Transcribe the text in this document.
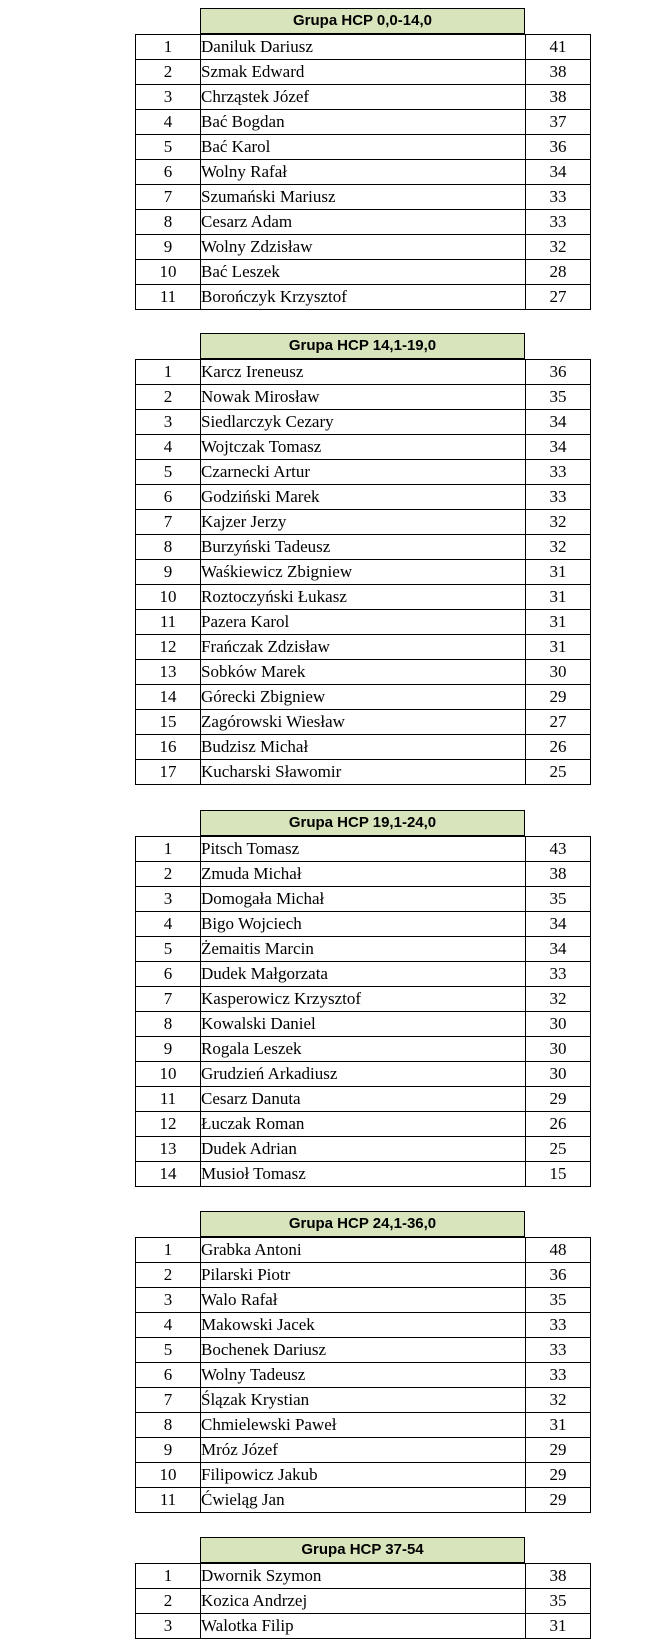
Grupa HCP 0,0-14,0
1	Daniluk Dariusz	41
2	Szmak Edward	38
3	Chrząstek Józef	38
4	Bać Bogdan	37
5	Bać Karol	36
6	Wolny Rafał	34
7	Szumański Mariusz	33
8	Cesarz Adam	33
9	Wolny Zdzisław	32
10	Bać Leszek	28
11	Borończyk Krzysztof	27
Grupa HCP 14,1-19,0
1	Karcz Ireneusz	36
2	Nowak Mirosław	35
3	Siedlarczyk Cezary	34
4	Wojtczak Tomasz	34
5	Czarnecki Artur	33
6	Godziński Marek	33
7	Kajzer Jerzy	32
8	Burzyński Tadeusz	32
9	Waśkiewicz Zbigniew	31
10	Roztoczyński Łukasz	31
11	Pazera Karol	31
12	Frańczak Zdzisław	31
13	Sobków Marek	30
14	Górecki Zbigniew	29
15	Zagórowski Wiesław	27
16	Budzisz Michał	26
17	Kucharski Sławomir	25
Grupa HCP 19,1-24,0
1	Pitsch Tomasz	43
2	Zmuda Michał	38
3	Domogała Michał	35
4	Bigo Wojciech	34
5	Żemaitis Marcin	34
6	Dudek Małgorzata	33
7	Kasperowicz Krzysztof	32
8	Kowalski Daniel	30
9	Rogala Leszek	30
10	Grudzień Arkadiusz	30
11	Cesarz Danuta	29
12	Łuczak Roman	26
13	Dudek Adrian	25
14	Musioł Tomasz	15
Grupa HCP 24,1-36,0
1	Grabka Antoni	48
2	Pilarski Piotr	36
3	Walo Rafał	35
4	Makowski Jacek	33
5	Bochenek Dariusz	33
6	Wolny Tadeusz	33
7	Ślązak Krystian	32
8	Chmielewski Paweł	31
9	Mróz Józef	29
10	Filipowicz Jakub	29
11	Ćwieląg Jan	29
Grupa HCP 37-54
1	Dwornik Szymon	38
2	Kozica Andrzej	35
3	Walotka Filip	31
